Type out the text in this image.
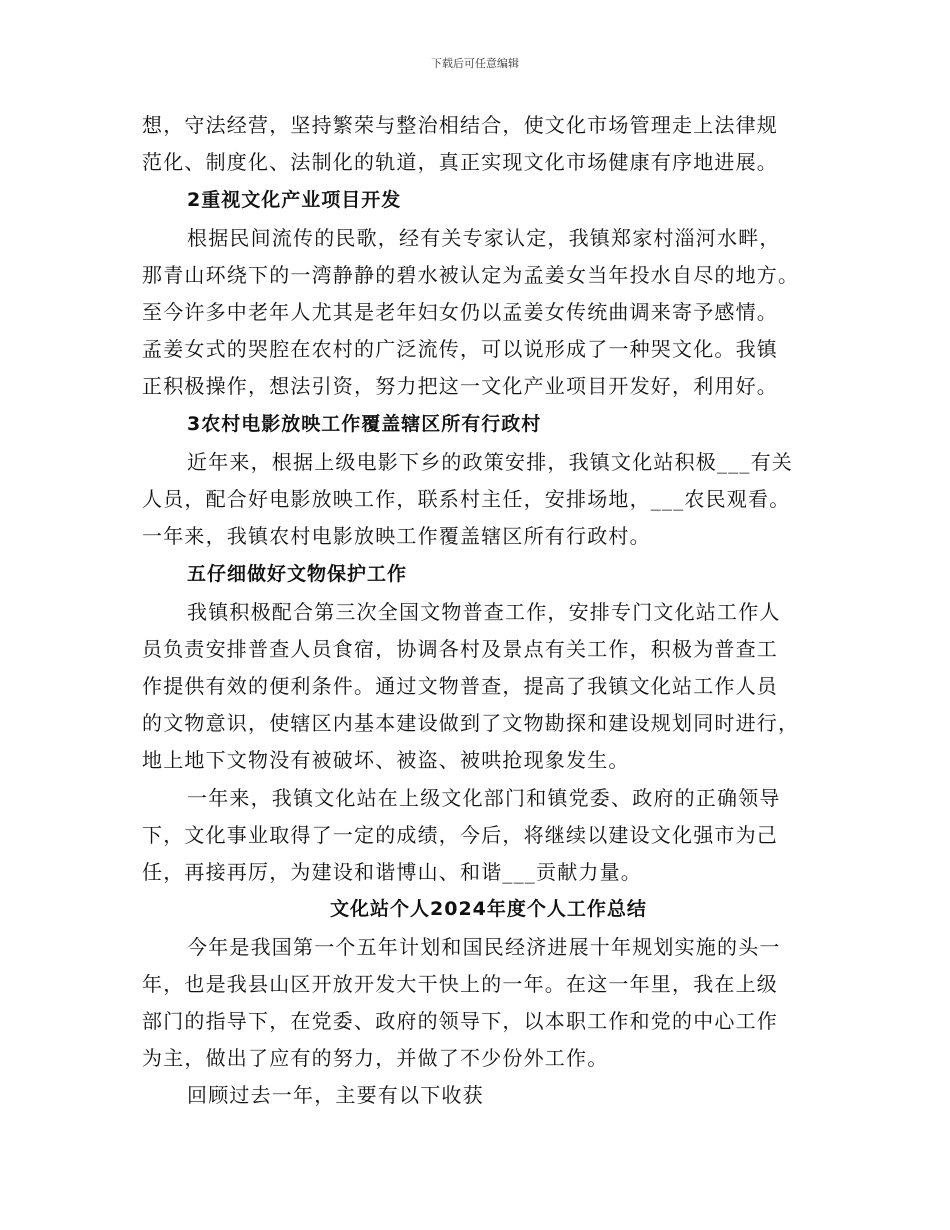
下载后可任意编辑
想，守法经营，坚持繁荣与整治相结合，使文化市场管理走上法律规
范化、制度化、法制化的轨道，真正实现文化市场健康有序地进展。
2重视文化产业项目开发
根据民间流传的民歌，经有关专家认定，我镇郑家村淄河水畔，
那青山环绕下的一湾静静的碧水被认定为孟姜女当年投水自尽的地方。
至今许多中老年人尤其是老年妇女仍以孟姜女传统曲调来寄予感情。
孟姜女式的哭腔在农村的广泛流传，可以说形成了一种哭文化。我镇
正积极操作，想法引资，努力把这一文化产业项目开发好，利用好。
3农村电影放映工作覆盖辖区所有行政村
近年来，根据上级电影下乡的政策安排，我镇文化站积极___有关
人员，配合好电影放映工作，联系村主任，安排场地，___农民观看。
一年来，我镇农村电影放映工作覆盖辖区所有行政村。
五仔细做好文物保护工作
我镇积极配合第三次全国文物普查工作，安排专门文化站工作人
员负责安排普查人员食宿，协调各村及景点有关工作，积极为普查工
作提供有效的便利条件。通过文物普查，提高了我镇文化站工作人员
的文物意识，使辖区内基本建设做到了文物勘探和建设规划同时进行，
地上地下文物没有被破坏、被盗、被哄抢现象发生。
一年来，我镇文化站在上级文化部门和镇党委、政府的正确领导
下，文化事业取得了一定的成绩，今后，将继续以建设文化强市为己
任，再接再厉，为建设和谐博山、和谐___贡献力量。
文化站个人2024年度个人工作总结
今年是我国第一个五年计划和国民经济进展十年规划实施的头一
年，也是我县山区开放开发大干快上的一年。在这一年里，我在上级
部门的指导下，在党委、政府的领导下，以本职工作和党的中心工作
为主，做出了应有的努力，并做了不少份外工作。
回顾过去一年，主要有以下收获
